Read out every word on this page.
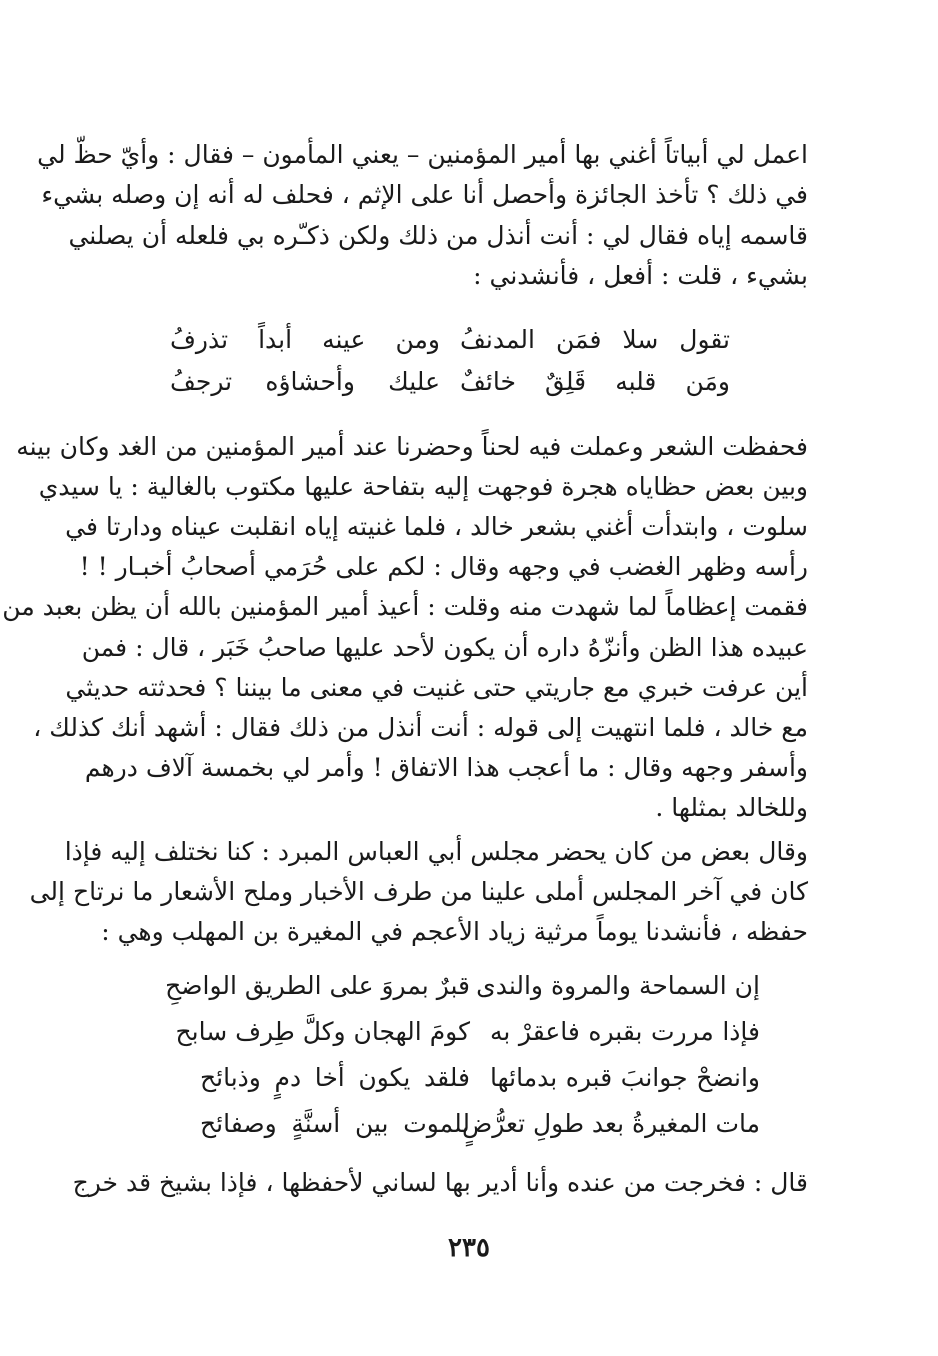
اعمل لي أبياتاً أغني بها أمير المؤمنين – يعني المأمون – فقال : وأيّ حظّ لي
في ذلك ؟ تأخذ الجائزة وأحصل أنا على الإثم ، فحلف له أنه إن وصله بشيء
قاسمه إياه فقال لي : أنت أنذل من ذلك ولكن ذكـّره بي فلعله أن يصلني
بشيء ، قلت : أفعل ، فأنشدني :
تقول سلا فمَن المدنفُ
ومن عينه أبداً تذرفُ
ومَن قلبه قَلِقٌ خائفٌ
عليك وأحشاؤه ترجفُ
فحفظت الشعر وعملت فيه لحناً وحضرنا عند أمير المؤمنين من الغد وكان بينه
وبين بعض حظاياه هجرة فوجهت إليه بتفاحة عليها مكتوب بالغالية : يا سيدي
سلوت ، وابتدأت أغني بشعر خالد ، فلما غنيته إياه انقلبت عيناه ودارتا في
رأسه وظهر الغضب في وجهه وقال : لكم على حُرَمي أصحابُ أخبـار ! !
فقمت إعظاماً لما شهدت منه وقلت : أعيذ أمير المؤمنين بالله أن يظن بعبد من
عبيده هذا الظن وأنزّهُ داره أن يكون لأحد عليها صاحبُ خَبَر ، قال : فمن
أين عرفت خبري مع جاريتي حتى غنيت في معنى ما بيننا ؟ فحدثته حديثي
مع خالد ، فلما انتهيت إلى قوله : أنت أنذل من ذلك فقال : أشهد أنك كذلك ،
وأسفر وجهه وقال : ما أعجب هذا الاتفاق ! وأمر لي بخمسة آلاف درهم
وللخالد بمثلها .
وقال بعض من كان يحضر مجلس أبي العباس المبرد : كنا نختلف إليه فإذا
كان في آخر المجلس أملى علينا من طرف الأخبار وملح الأشعار ما نرتاح إلى
حفظه ، فأنشدنا يوماً مرثية زياد الأعجم في المغيرة بن المهلب وهي :
إن السماحة والمروة والندى
قبرٌ بمروَ على الطريق الواضحِ
فإذا مررت بقبره فاعقرْ به
كومَ الهجان وكلَّ طِرف سابح
وانضحْ جوانبَ قبره بدمائها
فلقد يكون أخا دمٍ وذبائح
مات المغيرةُ بعد طولِ تعرُّضٍ
للموت بين أسنَّةٍ وصفائح
قال : فخرجت من عنده وأنا أدير بها لساني لأحفظها ، فإذا بشيخ قد خرج
٢٣٥
